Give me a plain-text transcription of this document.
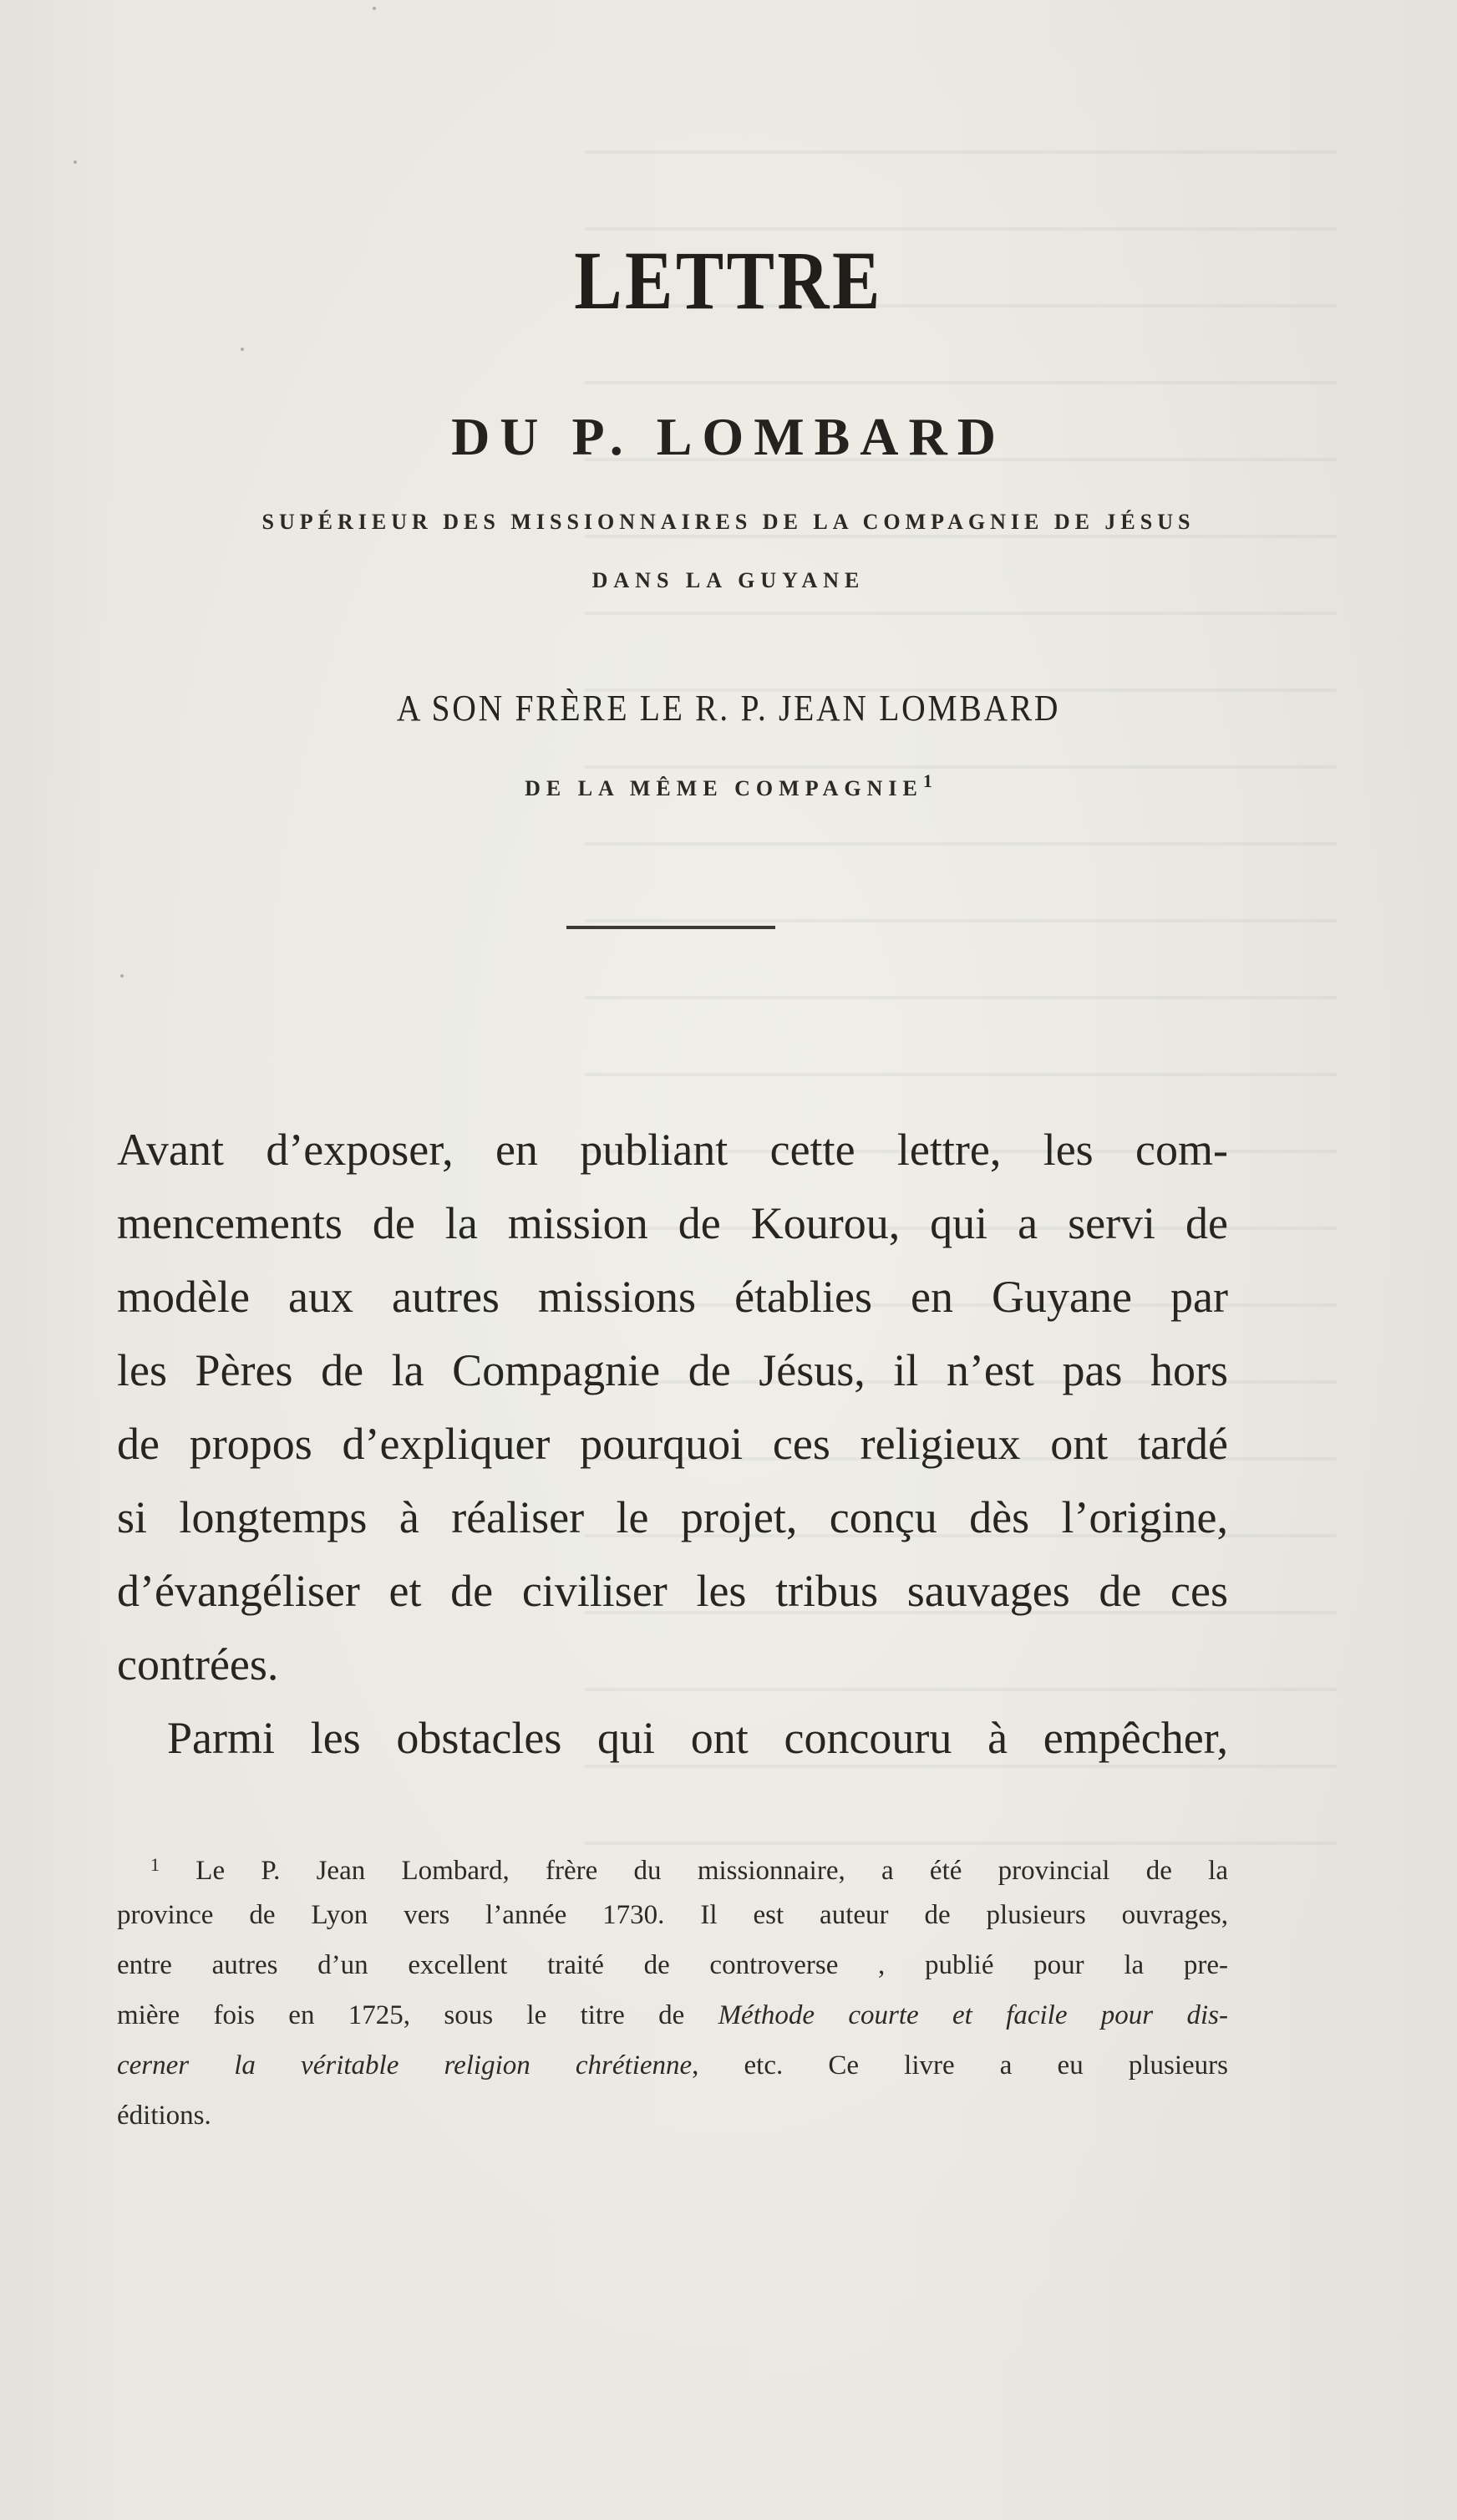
LETTRE
DU P. LOMBARD
SUPÉRIEUR DES MISSIONNAIRES DE LA COMPAGNIE DE JÉSUS
DANS LA GUYANE
A SON FRÈRE LE R. P. JEAN LOMBARD
DE LA MÊME COMPAGNIE$^1$
Avant d’exposer, en publiant cette lettre, les com-
mencements de la mission de Kourou, qui a servi de
modèle aux autres missions établies en Guyane par
les Pères de la Compagnie de Jésus, il n’est pas hors
de propos d’expliquer pourquoi ces religieux ont tardé
si longtemps à réaliser le projet, conçu dès l’origine,
d’évangéliser et de civiliser les tribus sauvages de ces
contrées.
Parmi les obstacles qui ont concouru à empêcher,
$^1$ Le P. Jean Lombard, frère du missionnaire, a été provincial de la
province de Lyon vers l’année 1730. Il est auteur de plusieurs ouvrages,
entre autres d’un excellent traité de controverse , publié pour la pre-
mière fois en 1725, sous le titre de Méthode courte et facile pour dis-
cerner la véritable religion chrétienne, etc. Ce livre a eu plusieurs
éditions.
